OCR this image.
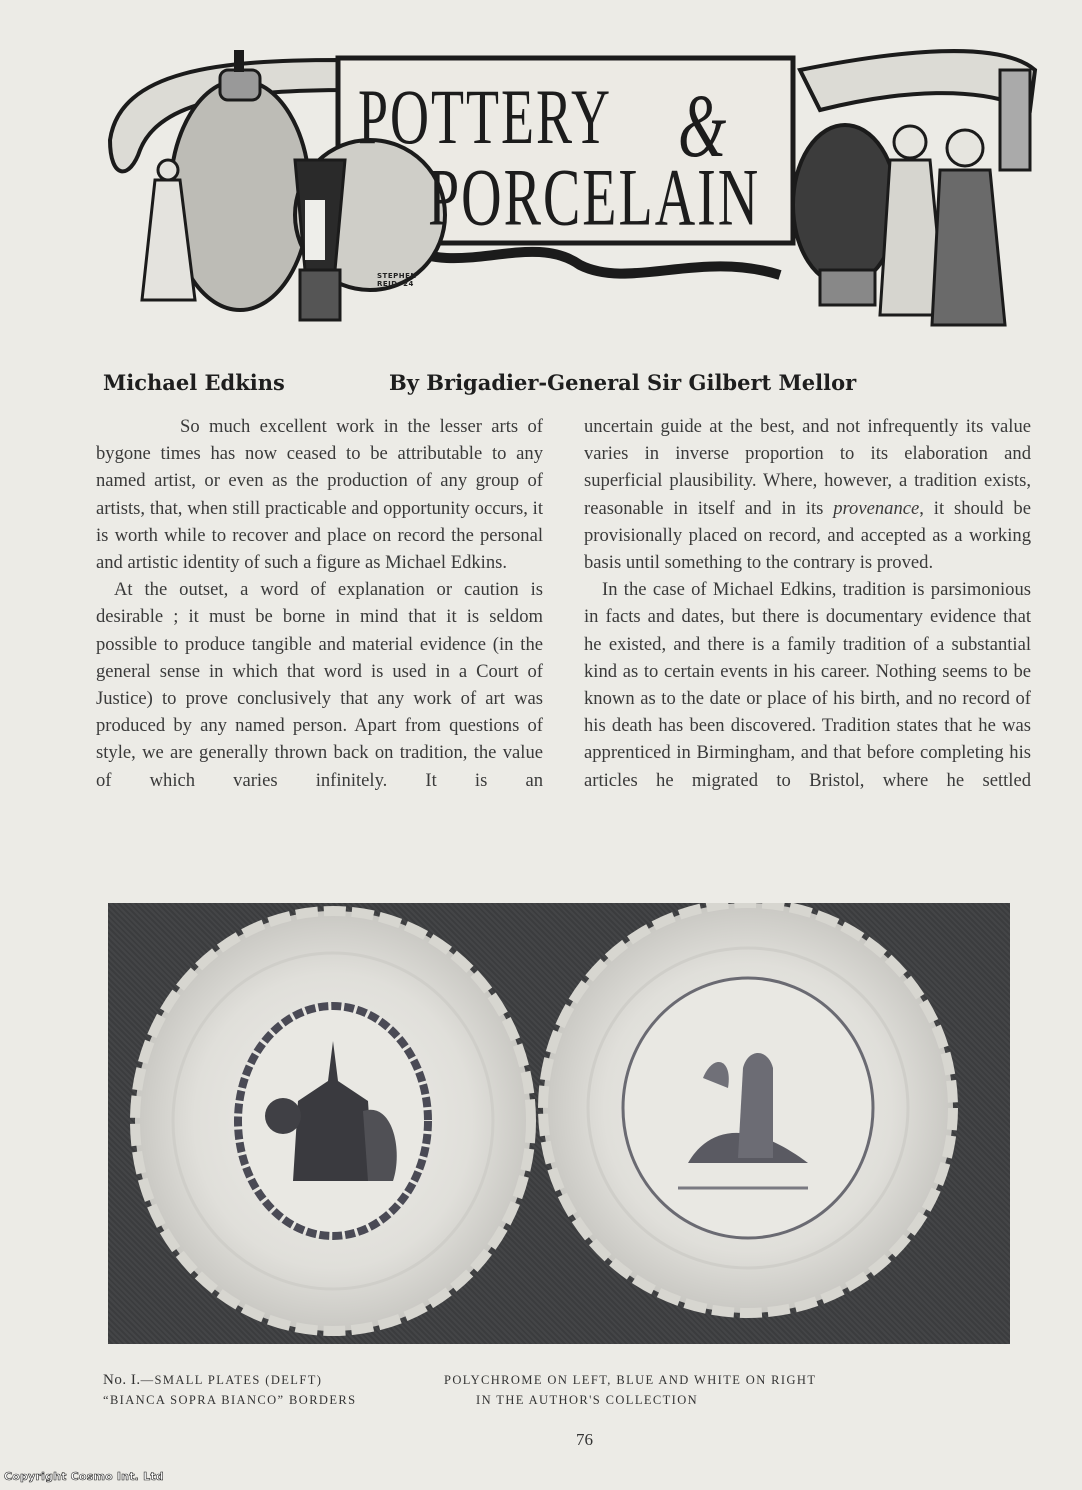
POTTERY &
PORCELAIN
STEPHEN
REID '24
Michael Edkins	By Brigadier-General Sir Gilbert Mellor

So much excellent work in the lesser arts of bygone times has now ceased to be attributable to any named artist, or even as the production of any group of artists, that, when still practicable and opportunity occurs, it is worth while to recover and place on record the personal and artistic identity of such a figure as Michael Edkins.

At the outset, a word of explanation or caution is desirable ; it must be borne in mind that it is seldom possible to produce tangible and material evidence (in the general sense in which that word is used in a Court of Justice) to prove conclusively that any work of art was produced by any named person. Apart from questions of style, we are generally thrown back on tradition, the value of which varies infinitely. It is an

uncertain guide at the best, and not infrequently its value varies in inverse proportion to its elaboration and superficial plausibility. Where, however, a tradition exists, reasonable in itself and in its provenance, it should be provisionally placed on record, and accepted as a working basis until something to the contrary is proved.

In the case of Michael Edkins, tradition is parsimonious in facts and dates, but there is documentary evidence that he existed, and there is a family tradition of a substantial kind as to certain events in his career. Nothing seems to be known as to the date or place of his birth, and no record of his death has been discovered. Tradition states that he was apprenticed in Birmingham, and that before completing his articles he migrated to Bristol, where he settled

No. I.—SMALL PLATES (DELFT)
“BIANCA SOPRA BIANCO” BORDERS
POLYCHROME ON LEFT, BLUE AND WHITE ON RIGHT
IN THE AUTHOR'S COLLECTION
76
Copyright Cosmo Int. Ltd
